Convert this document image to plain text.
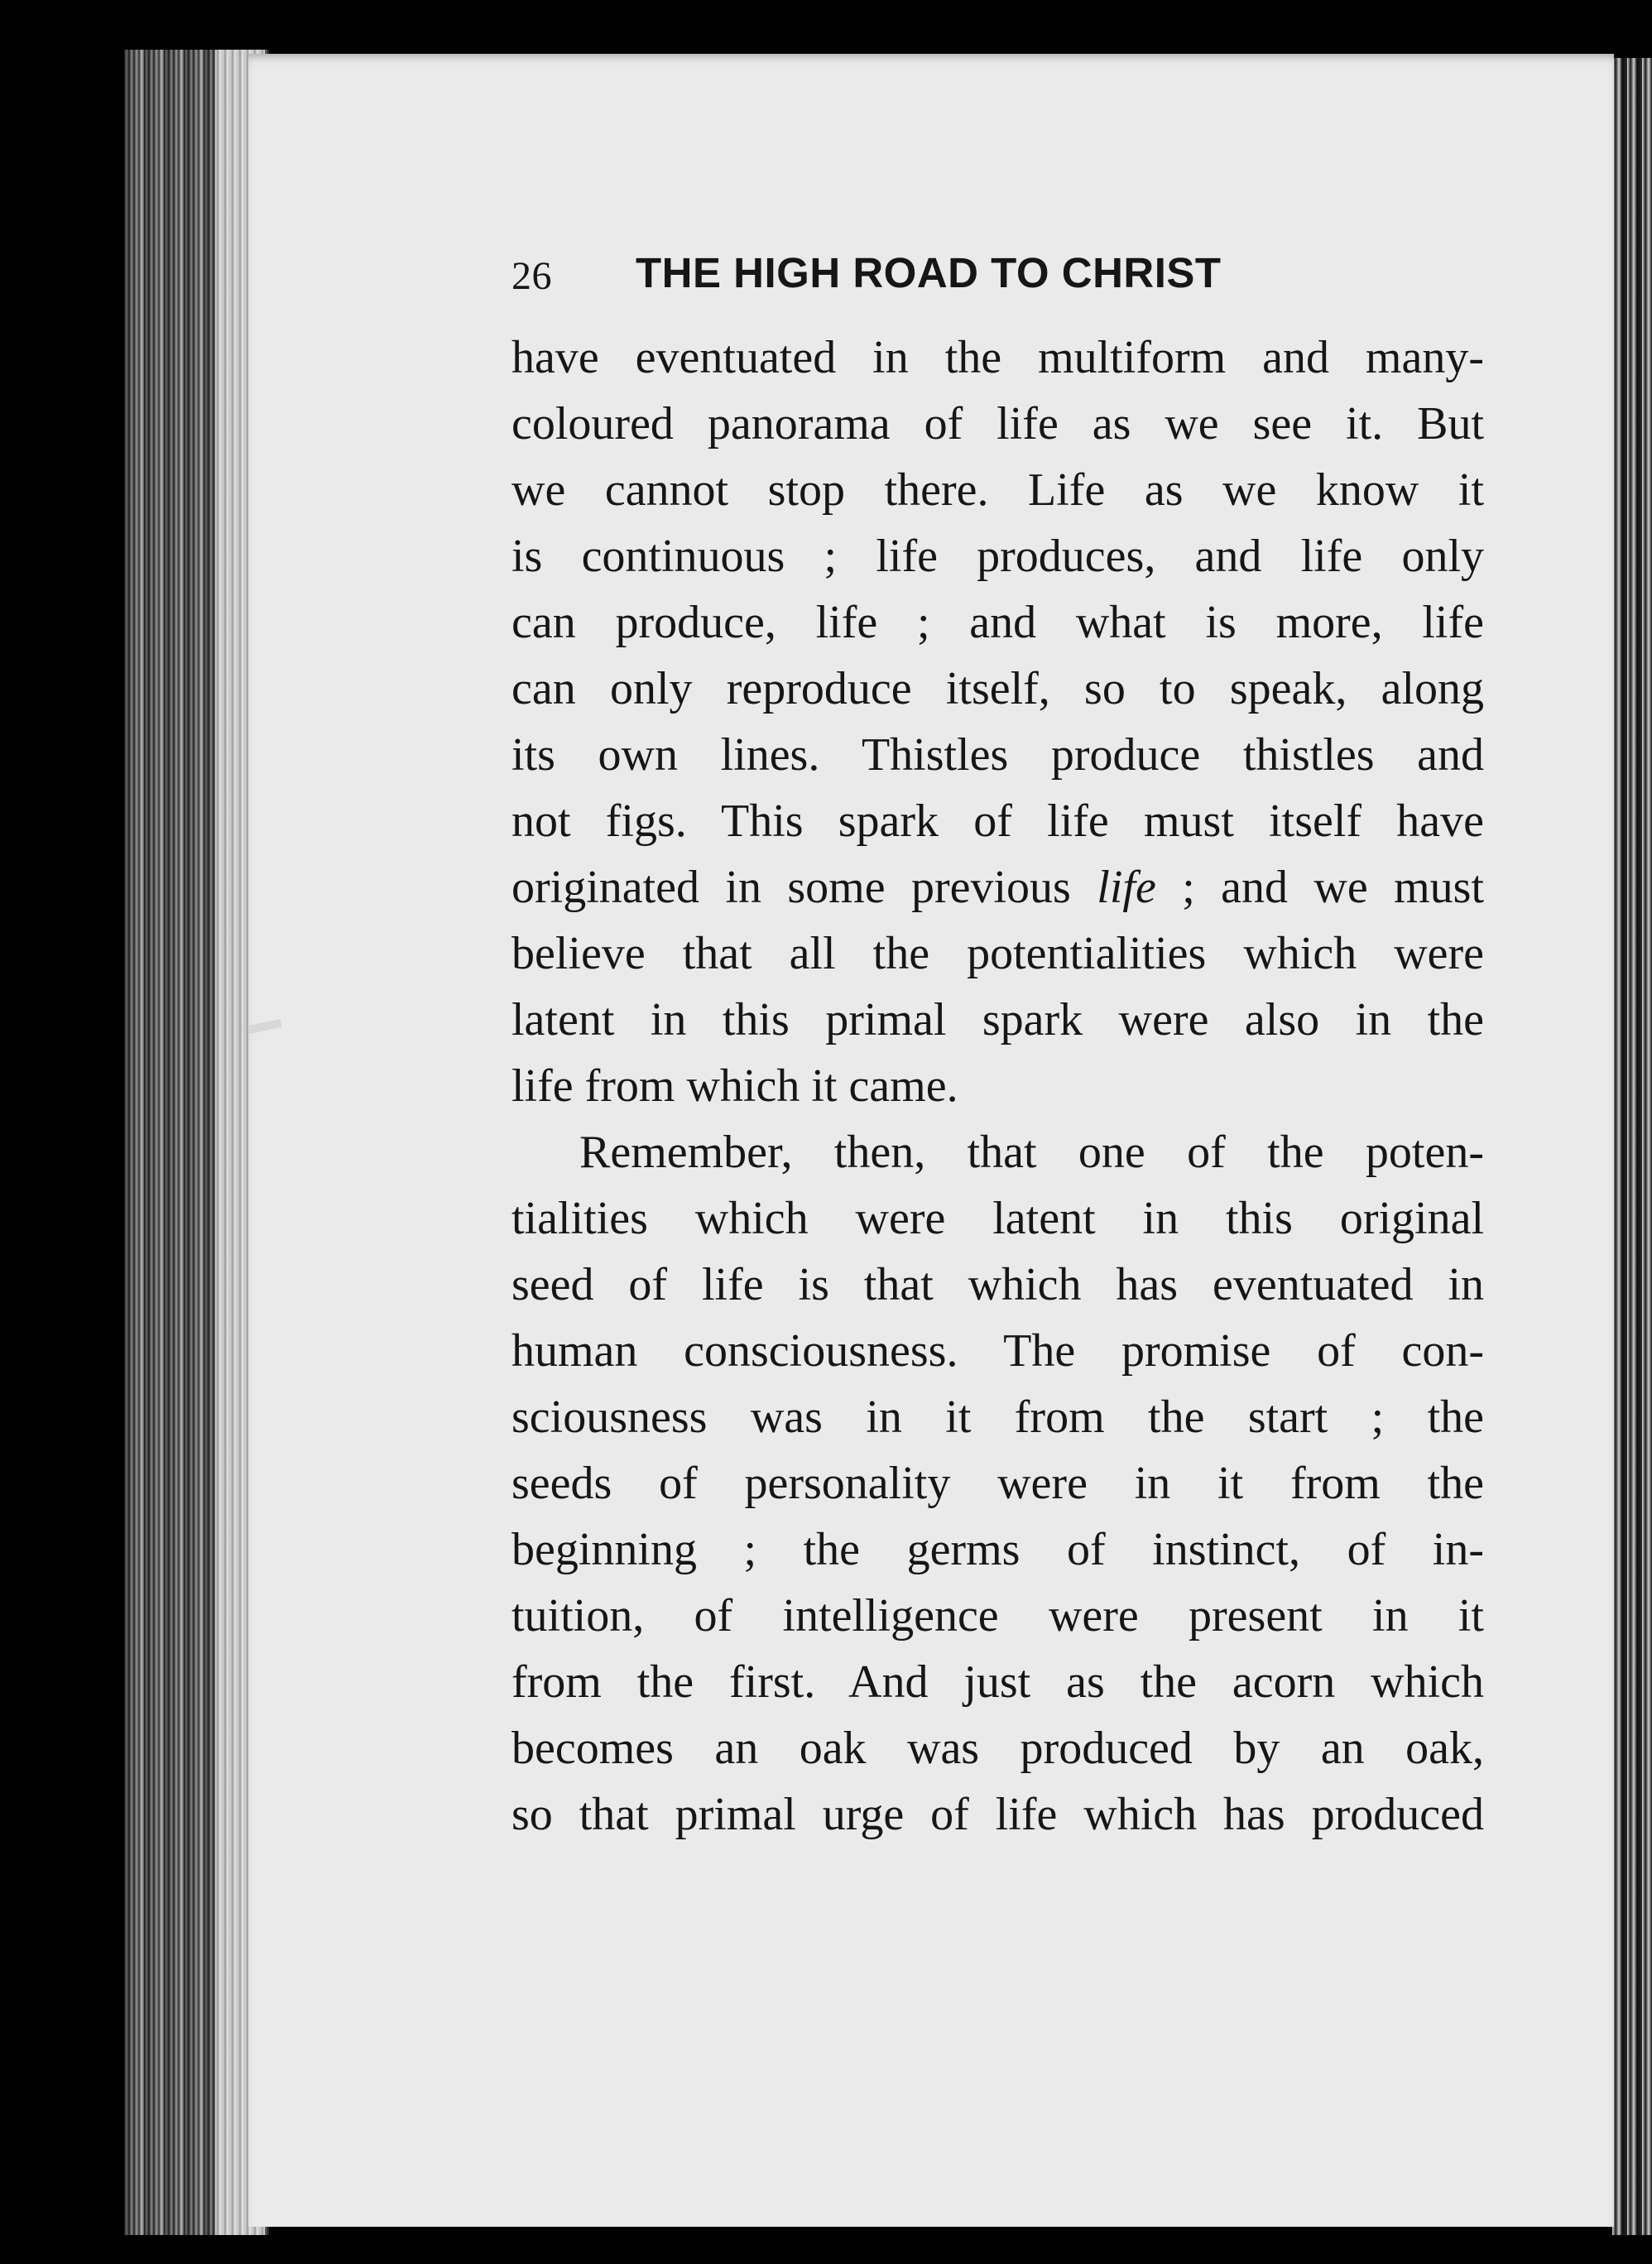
26 THE HIGH ROAD TO CHRIST
have eventuated in the multiform and many-
coloured panorama of life as we see it. But
we cannot stop there. Life as we know it
is continuous ; life produces, and life only
can produce, life ; and what is more, life
can only reproduce itself, so to speak, along
its own lines. Thistles produce thistles and
not figs. This spark of life must itself have
originated in some previous life ; and we must
believe that all the potentialities which were
latent in this primal spark were also in the
life from which it came.
Remember, then, that one of the poten-
tialities which were latent in this original
seed of life is that which has eventuated in
human consciousness. The promise of con-
sciousness was in it from the start ; the
seeds of personality were in it from the
beginning ; the germs of instinct, of in-
tuition, of intelligence were present in it
from the first. And just as the acorn which
becomes an oak was produced by an oak,
so that primal urge of life which has produced
